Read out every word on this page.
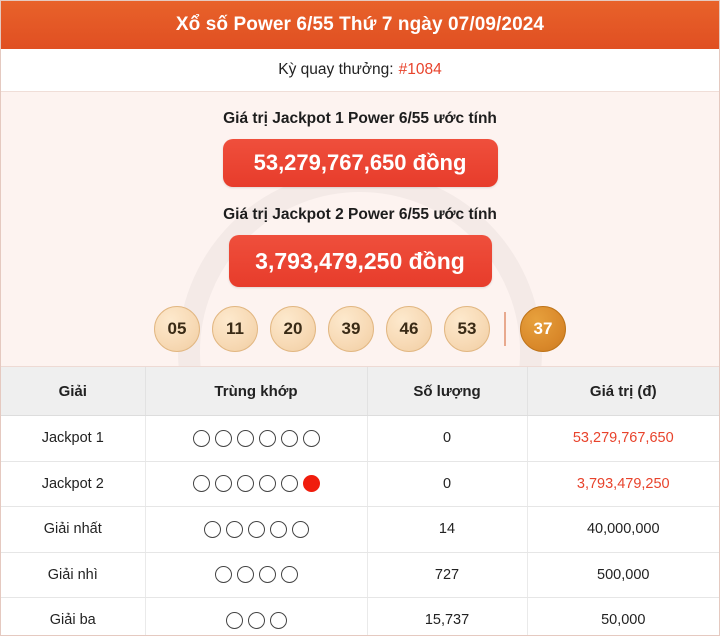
Xổ số Power 6/55 Thứ 7 ngày 07/09/2024
Kỳ quay thưởng: #1084
Giá trị Jackpot 1 Power 6/55 ước tính
53,279,767,650 đồng
Giá trị Jackpot 2 Power 6/55 ước tính
3,793,479,250 đồng
05	11	20	39	46	53	37
Giải	Trùng khớp	Số lượng	Giá trị (đ)
Jackpot 1		0	53,279,767,650
Jackpot 2		0	3,793,479,250
Giải nhất		14	40,000,000
Giải nhì		727	500,000
Giải ba		15,737	50,000
